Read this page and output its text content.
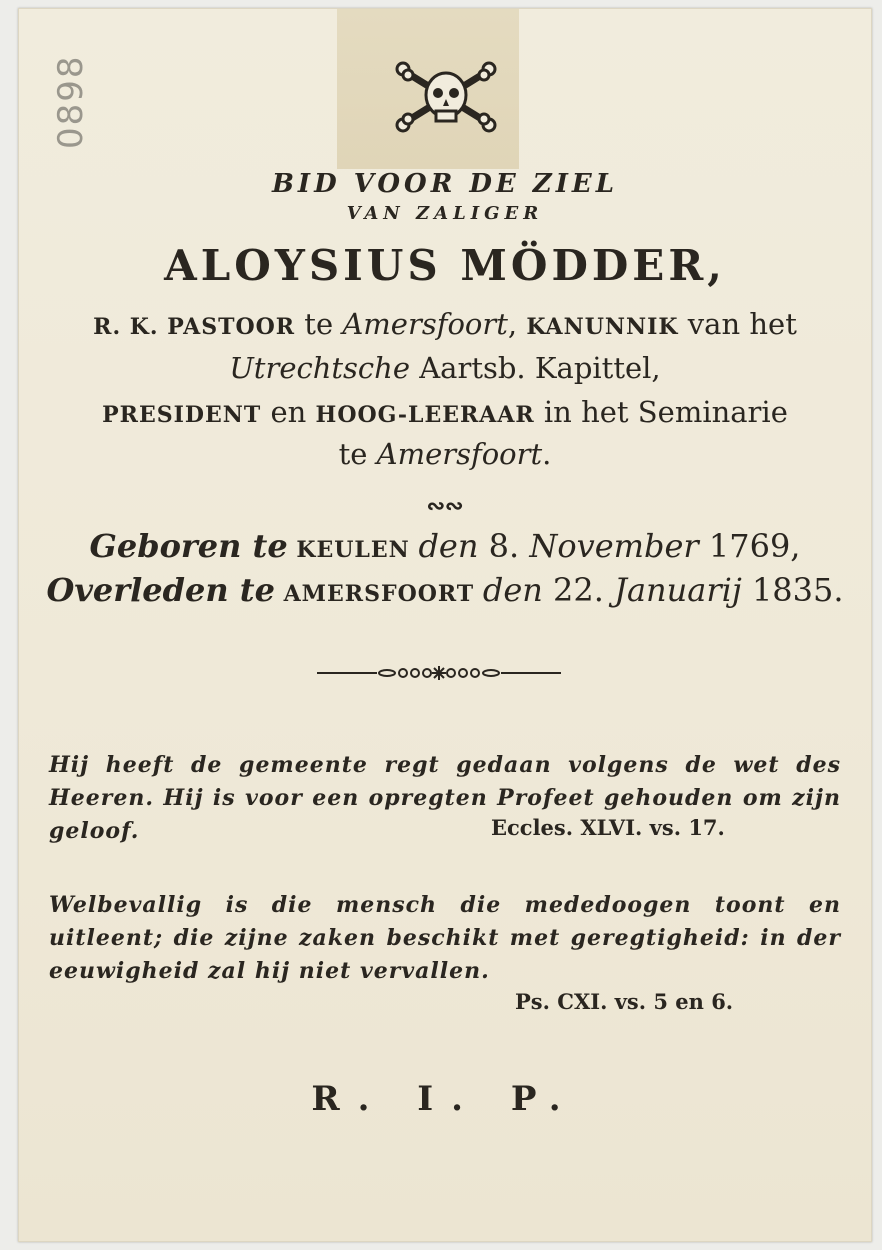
0898
BID VOOR DE ZIEL
VAN ZALIGER
ALOYSIUS MÖDDER,
R. K. PASTOOR te Amersfoort, KANUNNIK van het
Utrechtsche Aartsb. Kapittel,
PRESIDENT en HOOG-LEERAAR in het Seminarie
te Amersfoort.
∾∾
Geboren te KEULEN den 8. November 1769,
Overleden te AMERSFOORT den 22. Januarij 1835.
Hij heeft de gemeente regt gedaan volgens de wet des Heeren. Hij is voor een opregten Profeet gehouden om zijn geloof.	Eccles. XLVI. vs. 17.
Welbevallig is die mensch die mededoogen toont en uitleent; die zijne zaken beschikt met geregtigheid: in der eeuwigheid zal hij niet vervallen.
Ps. CXI. vs. 5 en 6.
R. I. P.
